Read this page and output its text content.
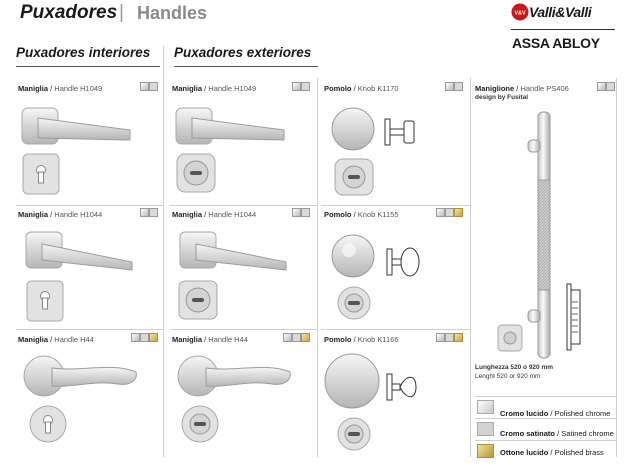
Puxadores | Handles	V&V Valli&Valli
ASSA ABLOY
Puxadores interiores Puxadores exteriores
Maniglia / Handle H1049	Maniglia / Handle H1049	Pomolo / Knob K1170
Maniglia / Handle H1044	Maniglia / Handle H1044	Pomolo / Knob K1155
Maniglia / Handle H44	Maniglia / Handle H44	Pomolo / Knob K1166
Maniglione / Handle PS406
design by Fusital
Lunghezza 520 o 920 mm
Lenght 520 or 920 mm
Cromo lucido / Polished chrome
Cromo satinato / Satined chrome
Ottone lucido / Polished brass
